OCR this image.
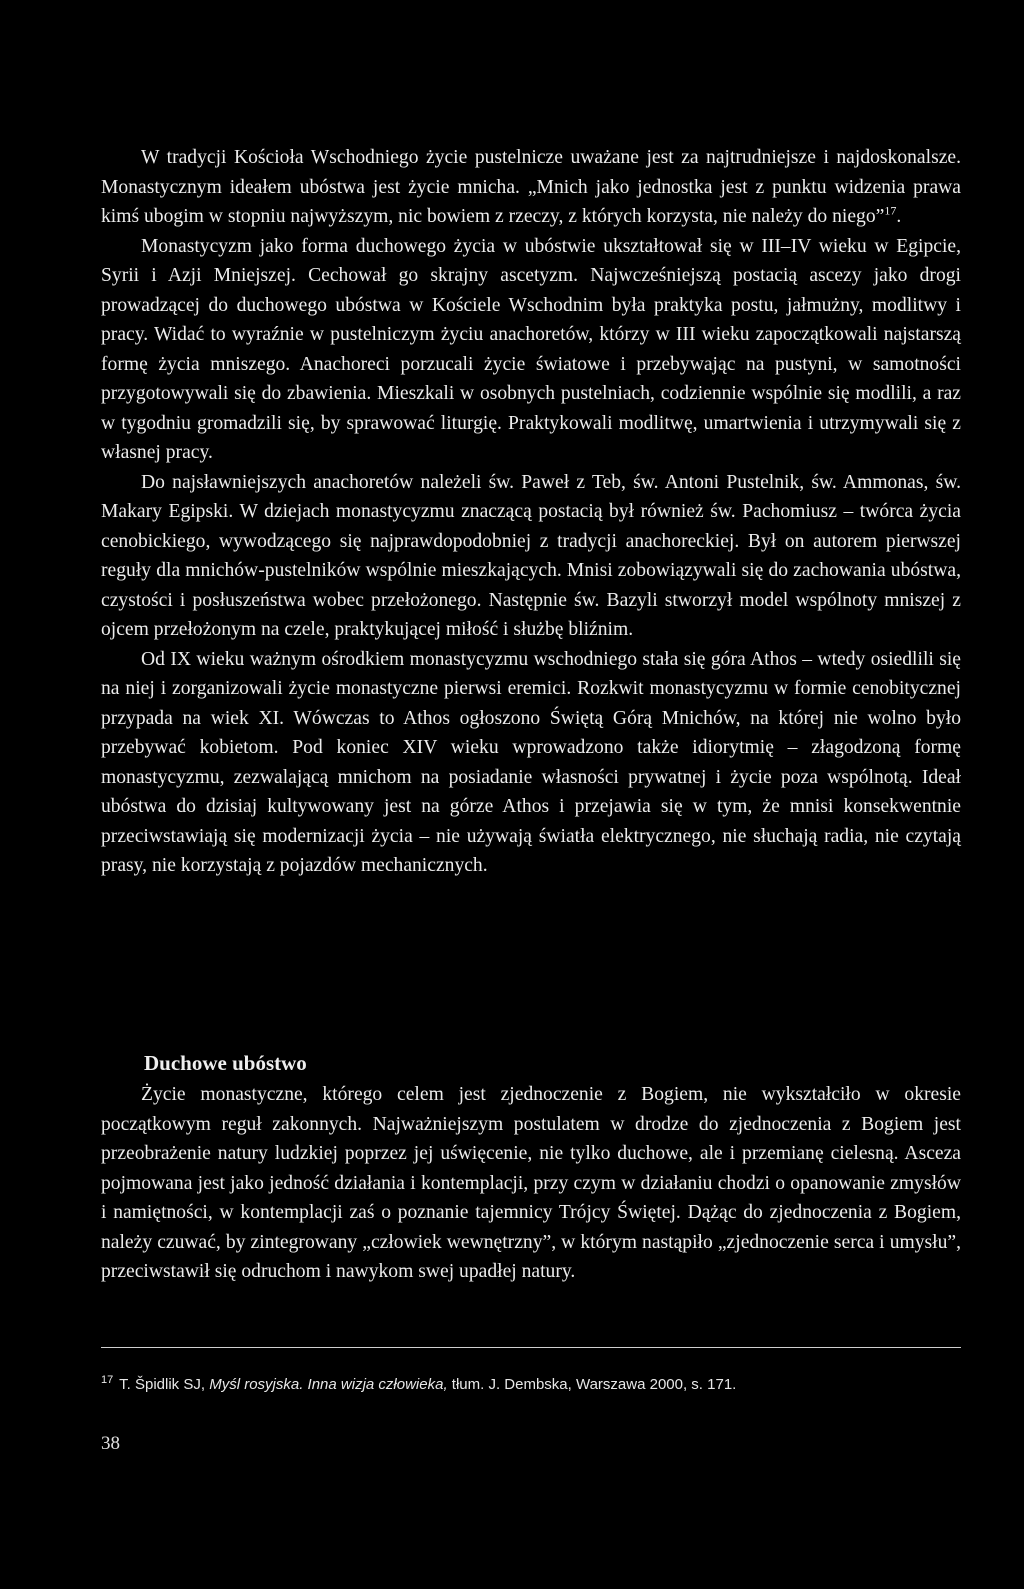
W tradycji Kościoła Wschodniego życie pustelnicze uważane jest za najtrudniejsze i najdoskonalsze. Monastycznym ideałem ubóstwa jest życie mnicha. „Mnich jako jednostka jest z punktu widzenia prawa kimś ubogim w stopniu najwyższym, nic bowiem z rzeczy, z których korzysta, nie należy do niego”$^{17}$.

Monastycyzm jako forma duchowego życia w ubóstwie ukształtował się w III–IV wieku w Egipcie, Syrii i Azji Mniejszej. Cechował go skrajny ascetyzm. Najwcześniejszą postacią ascezy jako drogi prowadzącej do duchowego ubóstwa w Kościele Wschodnim była praktyka postu, jałmużny, modlitwy i pracy. Widać to wyraźnie w pustelniczym życiu anachoretów, którzy w III wieku zapoczątkowali najstarszą formę życia mniszego. Anachoreci porzucali życie światowe i przebywając na pustyni, w samotności przygotowywali się do zbawienia. Mieszkali w osobnych pustelniach, codziennie wspólnie się modlili, a raz w tygodniu gromadzili się, by sprawować liturgię. Praktykowali modlitwę, umartwienia i utrzymywali się z własnej pracy.

Do najsławniejszych anachoretów należeli św. Paweł z Teb, św. Antoni Pustelnik, św. Ammonas, św. Makary Egipski. W dziejach monastycyzmu znaczącą postacią był również św. Pachomiusz – twórca życia cenobickiego, wywodzącego się najprawdopodobniej z tradycji anachoreckiej. Był on autorem pierwszej reguły dla mnichów-pustelników wspólnie mieszkających. Mnisi zobowiązywali się do zachowania ubóstwa, czystości i posłuszeństwa wobec przełożonego. Następnie św. Bazyli stworzył model wspólnoty mniszej z ojcem przełożonym na czele, praktykującej miłość i służbę bliźnim.

Od IX wieku ważnym ośrodkiem monastycyzmu wschodniego stała się góra Athos – wtedy osiedlili się na niej i zorganizowali życie monastyczne pierwsi eremici. Rozkwit monastycyzmu w formie cenobitycznej przypada na wiek XI. Wówczas to Athos ogłoszono Świętą Górą Mnichów, na której nie wolno było przebywać kobietom. Pod koniec XIV wieku wprowadzono także idiorytmię – złagodzoną formę monastycyzmu, zezwalającą mnichom na posiadanie własności prywatnej i życie poza wspólnotą. Ideał ubóstwa do dzisiaj kultywowany jest na górze Athos i przejawia się w tym, że mnisi konsekwentnie przeciwstawiają się modernizacji życia – nie używają światła elektrycznego, nie słuchają radia, nie czytają prasy, nie korzystają z pojazdów mechanicznych.

Duchowe ubóstwo

Życie monastyczne, którego celem jest zjednoczenie z Bogiem, nie wykształciło w okresie początkowym reguł zakonnych. Najważniejszym postulatem w drodze do zjednoczenia z Bogiem jest przeobrażenie natury ludzkiej poprzez jej uświęcenie, nie tylko duchowe, ale i przemianę cielesną. Asceza pojmowana jest jako jedność działania i kontemplacji, przy czym w działaniu chodzi o opanowanie zmysłów i namiętności, w kontemplacji zaś o poznanie tajemnicy Trójcy Świętej. Dążąc do zjednoczenia z Bogiem, należy czuwać, by zintegrowany „człowiek wewnętrzny”, w którym nastąpiło „zjednoczenie serca i umysłu”, przeciwstawił się odruchom i nawykom swej upadłej natury.

$^{17}$ T. Špidlik SJ, Myśl rosyjska. Inna wizja człowieka, tłum. J. Dembska, Warszawa 2000, s. 171.
38
